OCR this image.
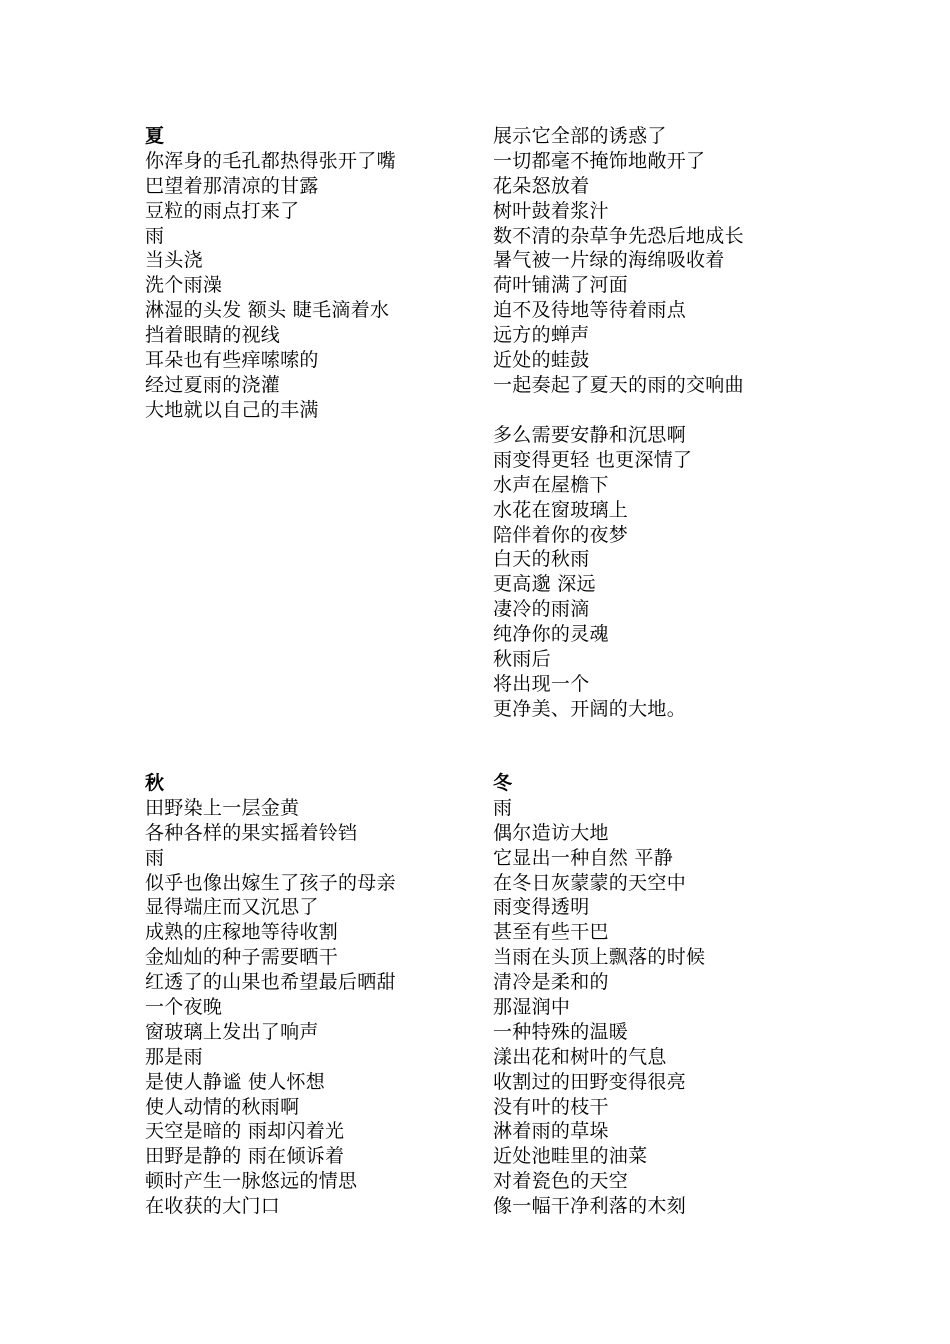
夏
你浑身的毛孔都热得张开了嘴
巴望着那清凉的甘露
豆粒的雨点打来了
雨
当头浇
洗个雨澡
淋湿的头发 额头 睫毛滴着水
挡着眼睛的视线
耳朵也有些痒嗦嗦的
经过夏雨的浇灌
大地就以自己的丰满
展示它全部的诱惑了
一切都毫不掩饰地敞开了
花朵怒放着
树叶鼓着浆汁
数不清的杂草争先恐后地成长
暑气被一片绿的海绵吸收着
荷叶铺满了河面
迫不及待地等待着雨点
远方的蝉声
近处的蛙鼓
一起奏起了夏天的雨的交响曲
多么需要安静和沉思啊
雨变得更轻 也更深情了
水声在屋檐下
水花在窗玻璃上
陪伴着你的夜梦
白天的秋雨
更高邈 深远
凄冷的雨滴
纯净你的灵魂
秋雨后
将出现一个
更净美、开阔的大地。
秋
田野染上一层金黄
各种各样的果实摇着铃铛
雨
似乎也像出嫁生了孩子的母亲
显得端庄而又沉思了
成熟的庄稼地等待收割
金灿灿的种子需要晒干
红透了的山果也希望最后晒甜
一个夜晚
窗玻璃上发出了响声
那是雨
是使人静谧 使人怀想
使人动情的秋雨啊
天空是暗的 雨却闪着光
田野是静的 雨在倾诉着
顿时产生一脉悠远的情思
在收获的大门口
冬
雨
偶尔造访大地
它显出一种自然 平静
在冬日灰蒙蒙的天空中
雨变得透明
甚至有些干巴
当雨在头顶上飘落的时候
清冷是柔和的
那湿润中
一种特殊的温暖
漾出花和树叶的气息
收割过的田野变得很亮
没有叶的枝干
淋着雨的草垛
近处池畦里的油菜
对着瓷色的天空
像一幅干净利落的木刻
